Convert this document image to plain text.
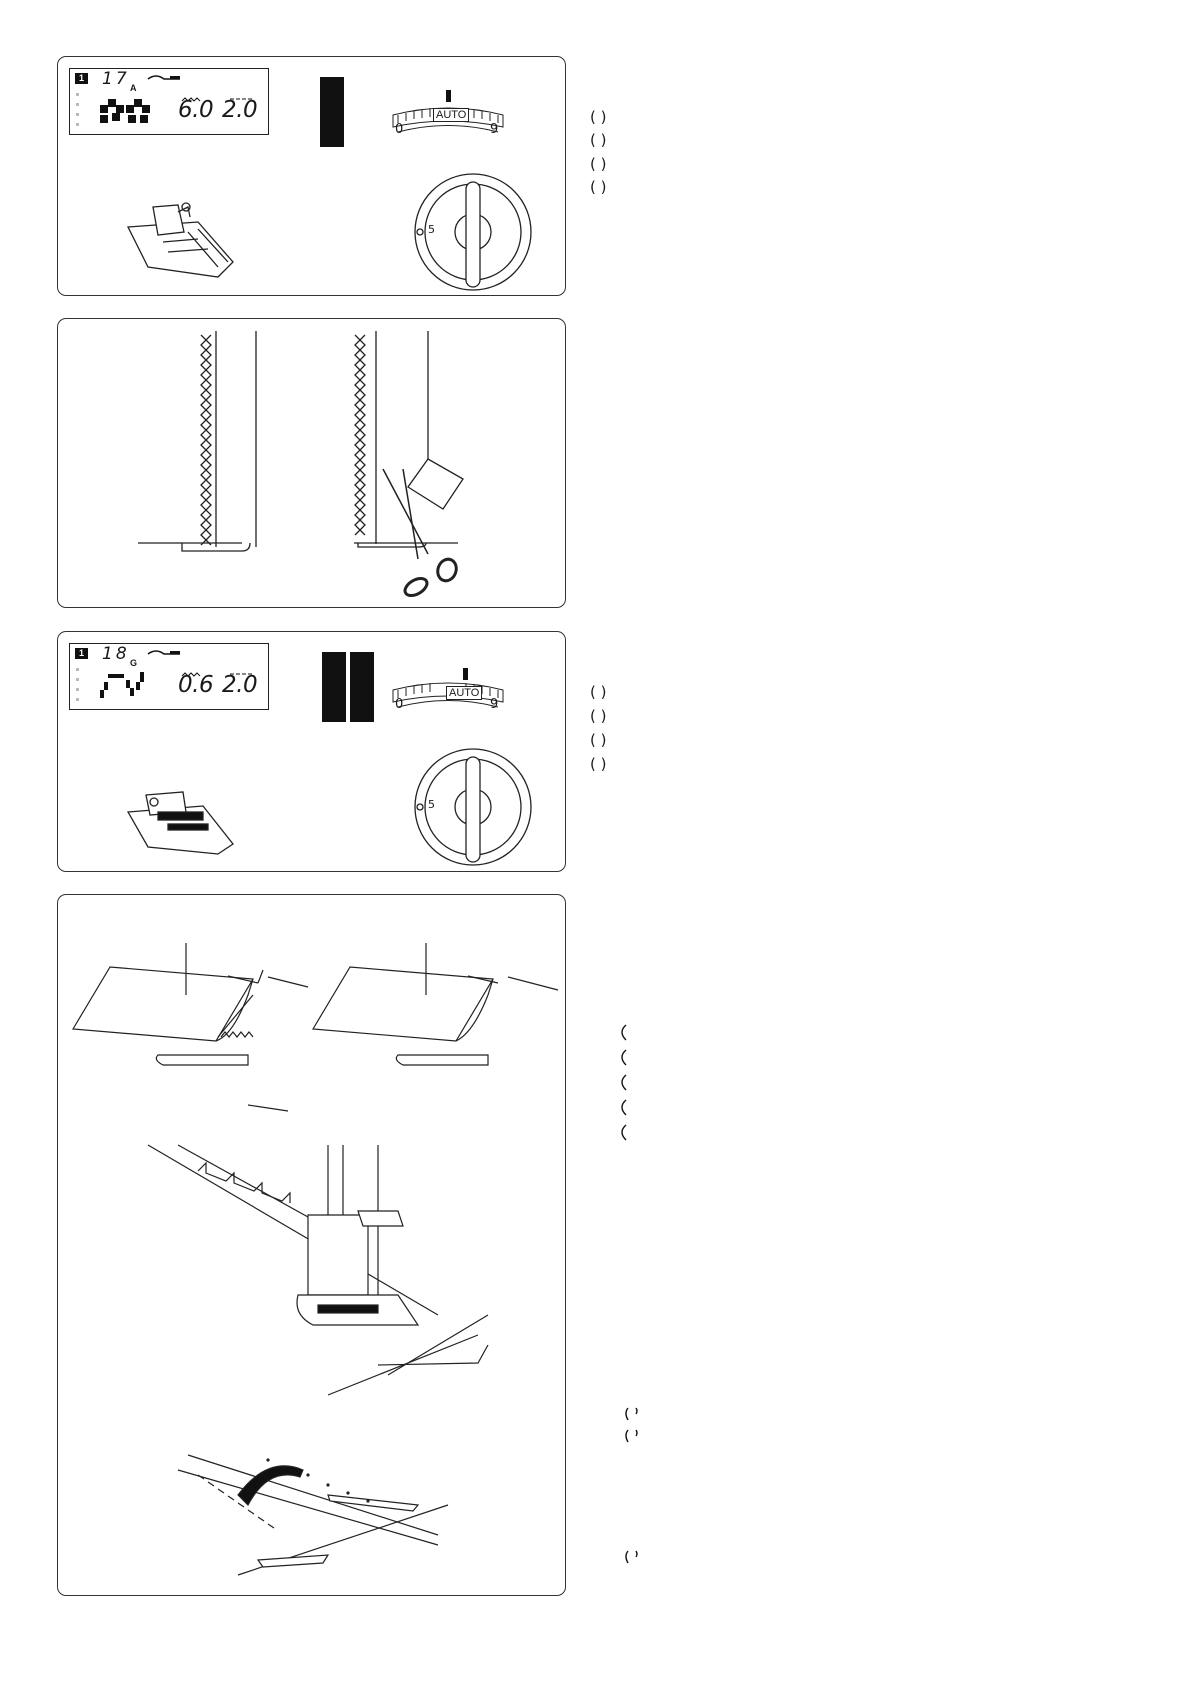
1 17 A
6.0 2.0
0	9
AUTO
5
1 18 G
0.6 2.0
0	9
AUTO
5
( )
( )
( )
( )
( )
( )
( )
( )
